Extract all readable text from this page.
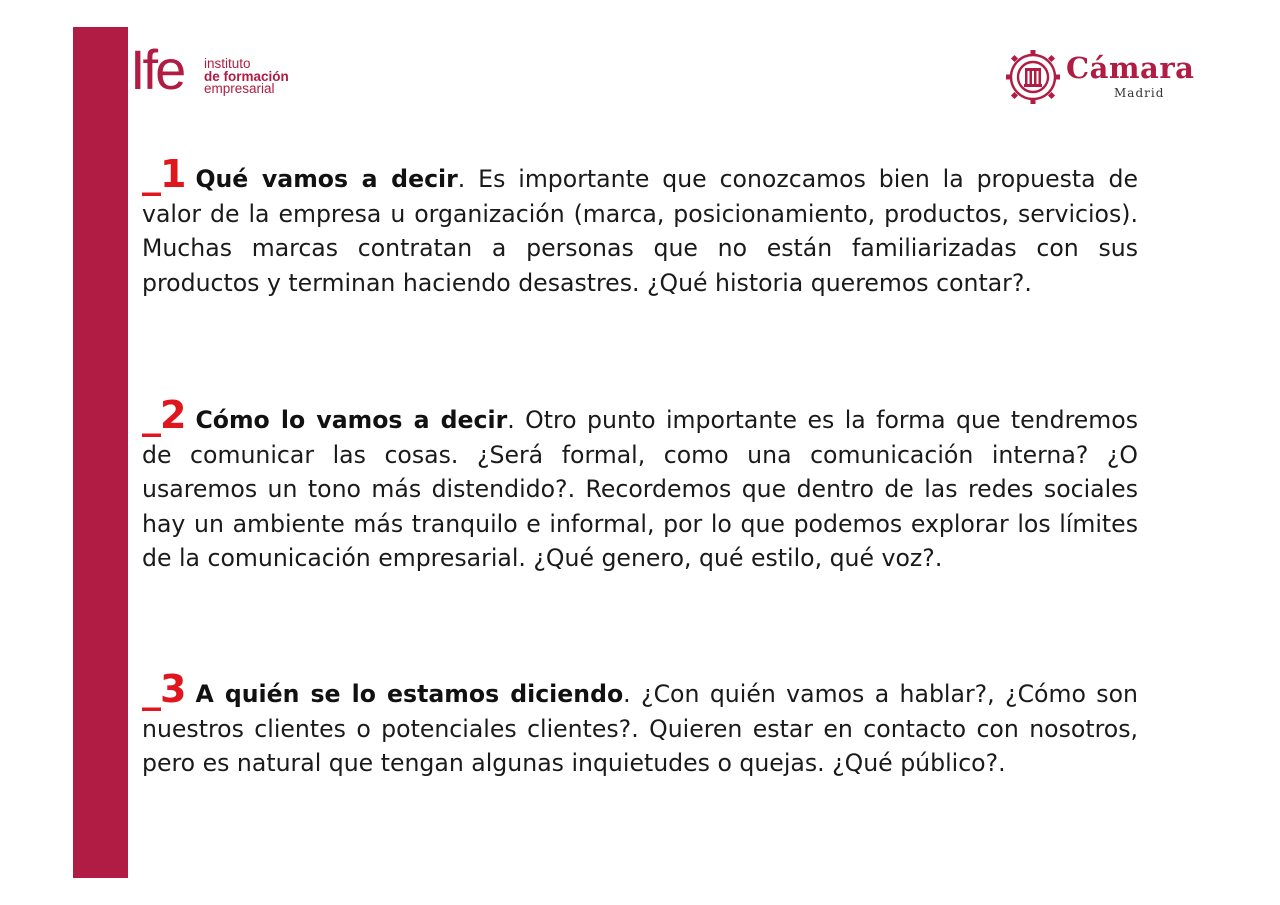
Ife instituto
de formación
empresarial
Cámara
Madrid

_1 Qué vamos a decir. Es importante que conozcamos bien la propuesta de valor de la empresa u organización (marca, posicionamiento, productos, servicios). Muchas marcas contratan a personas que no están familiarizadas con sus productos y terminan haciendo desastres. ¿Qué historia queremos contar?.

_2 Cómo lo vamos a decir. Otro punto importante es la forma que tendremos de comunicar las cosas. ¿Será formal, como una comunicación interna? ¿O usaremos un tono más distendido?. Recordemos que dentro de las redes sociales hay un ambiente más tranquilo e informal, por lo que podemos explorar los límites de la comunicación empresarial. ¿Qué genero, qué estilo, qué voz?.

_3 A quién se lo estamos diciendo. ¿Con quién vamos a hablar?, ¿Cómo son nuestros clientes o potenciales clientes?. Quieren estar en contacto con nosotros, pero es natural que tengan algunas inquietudes o quejas. ¿Qué público?.
